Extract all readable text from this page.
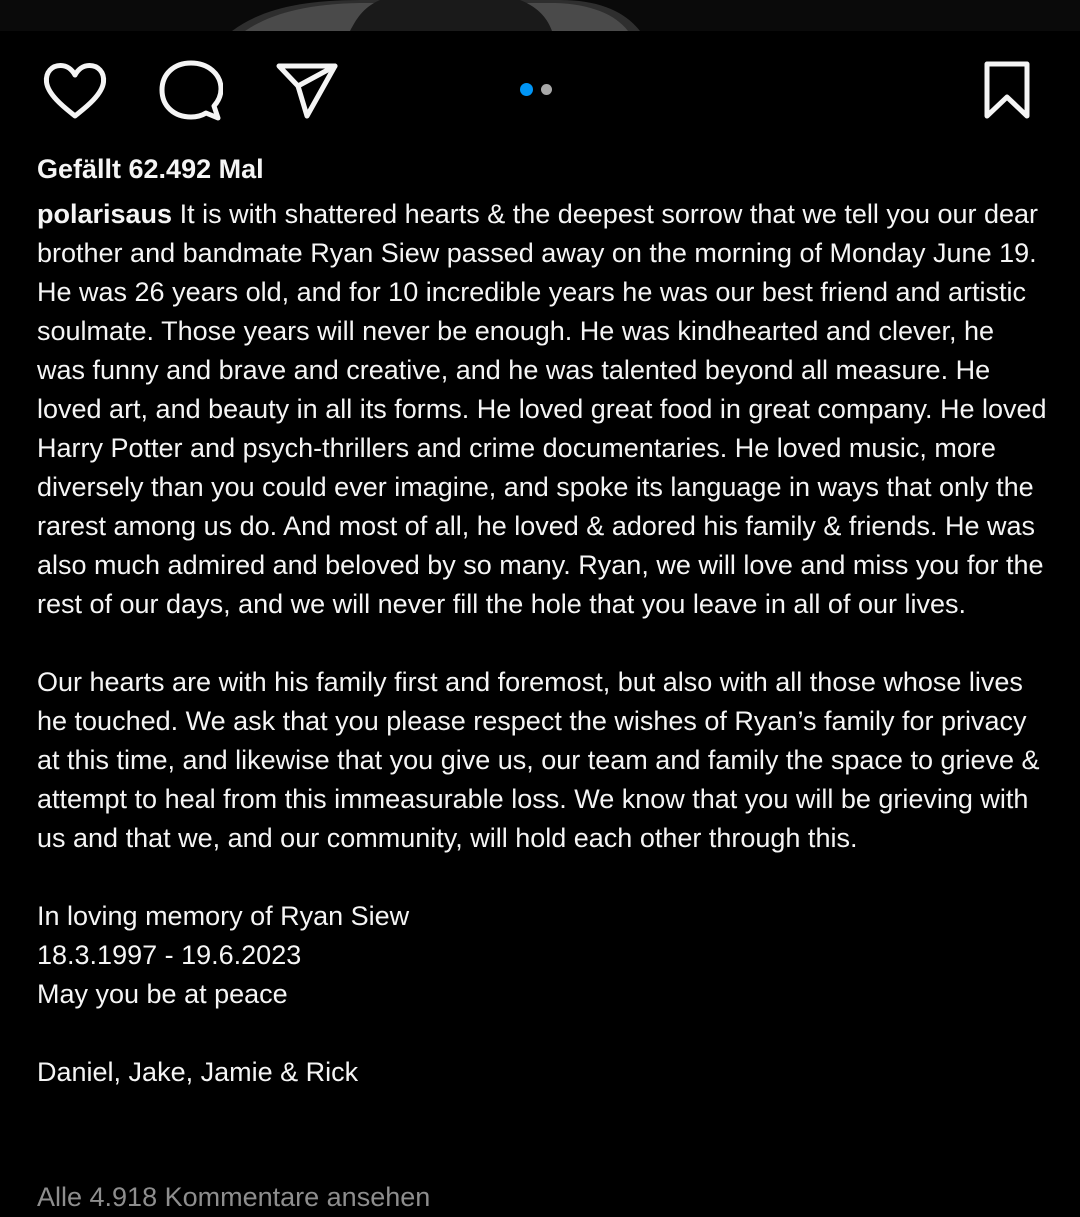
Gefällt 62.492 Mal

polarisaus It is with shattered hearts & the deepest sorrow that we tell you our dear brother and bandmate Ryan Siew passed away on the morning of Monday June 19. He was 26 years old, and for 10 incredible years he was our best friend and artistic soulmate. Those years will never be enough. He was kindhearted and clever, he was funny and brave and creative, and he was talented beyond all measure. He loved art, and beauty in all its forms. He loved great food in great company. He loved Harry Potter and psych-thrillers and crime documentaries. He loved music, more diversely than you could ever imagine, and spoke its language in ways that only the rarest among us do. And most of all, he loved & adored his family & friends. He was also much admired and beloved by so many. Ryan, we will love and miss you for the rest of our days, and we will never fill the hole that you leave in all of our lives.

Our hearts are with his family first and foremost, but also with all those whose lives he touched. We ask that you please respect the wishes of Ryan’s family for privacy at this time, and likewise that you give us, our team and family the space to grieve & attempt to heal from this immeasurable loss. We know that you will be grieving with us and that we, and our community, will hold each other through this.

In loving memory of Ryan Siew

18.3.1997 - 19.6.2023

May you be at peace

Daniel, Jake, Jamie & Rick

Alle 4.918 Kommentare ansehen
